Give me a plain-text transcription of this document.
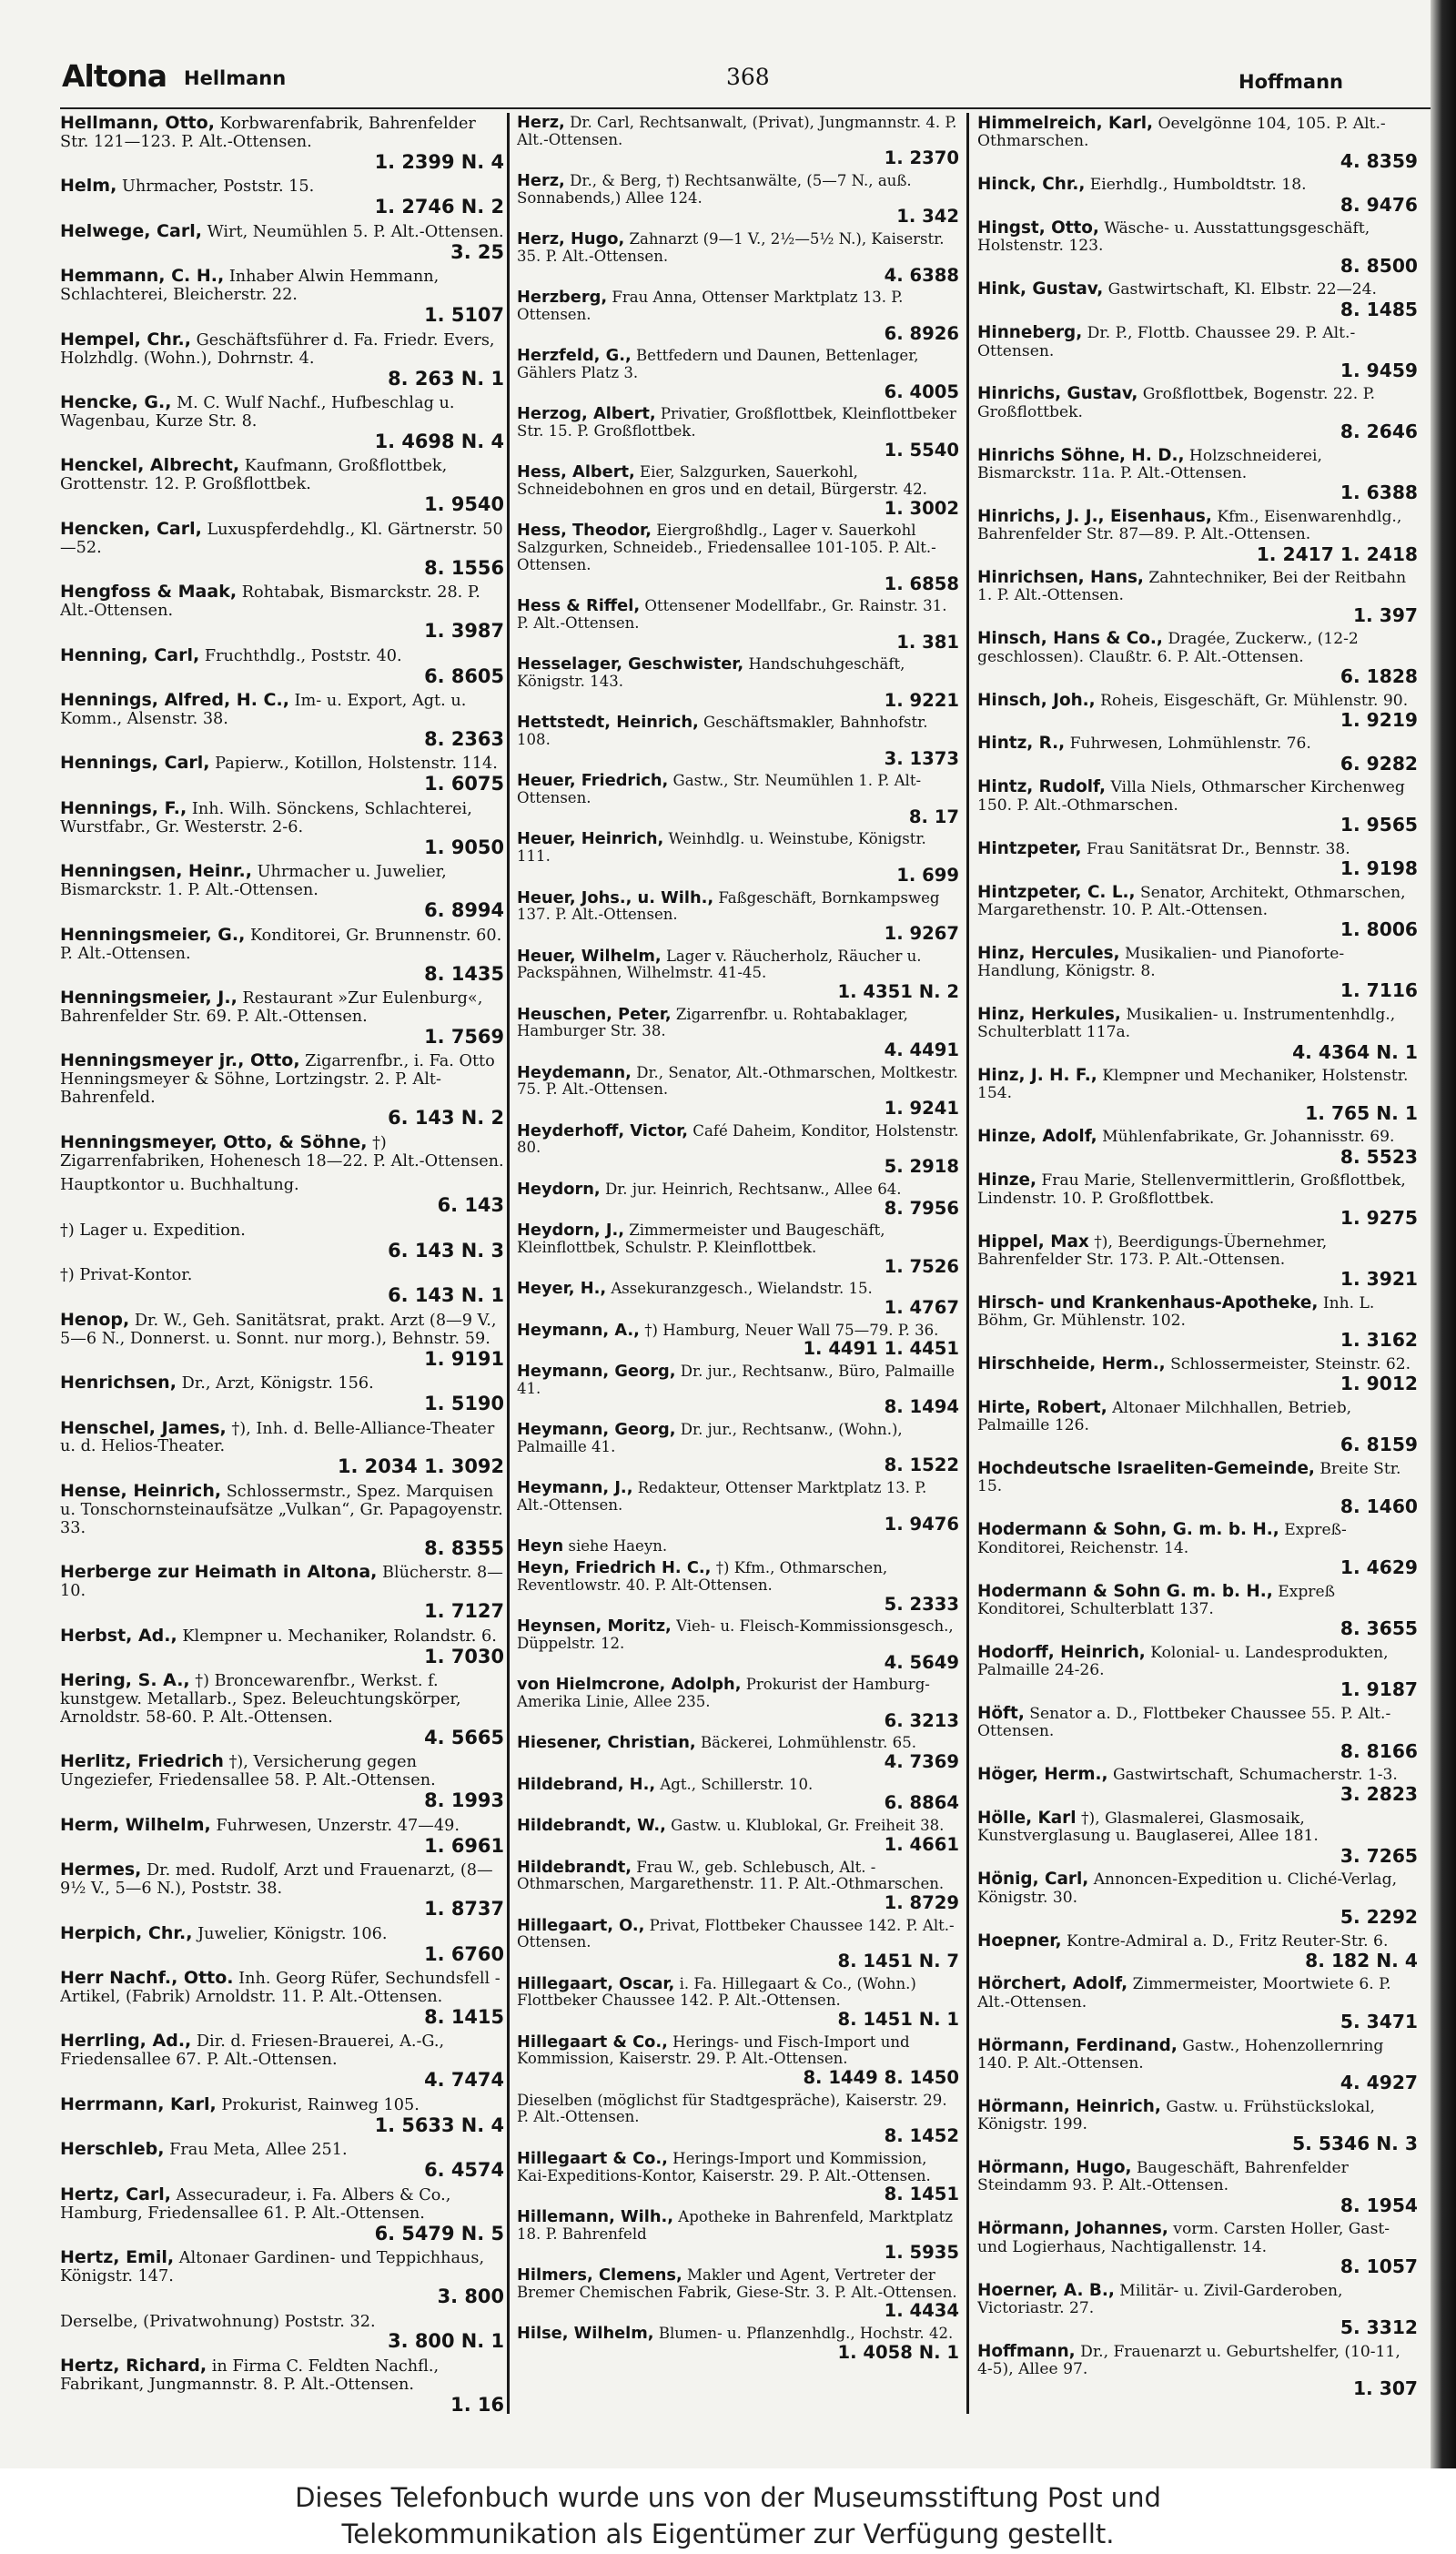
Altona Hellmann	368	Hoffmann
Hellmann, Otto, Korbwarenfabrik, Bahrenfelder Str. 121—123. P. Alt.-Ottensen.
1. 2399 N. 4
Helm, Uhrmacher, Poststr. 15.
1. 2746 N. 2
Helwege, Carl, Wirt, Neumühlen 5. P. Alt.-Ottensen.
3. 25
Hemmann, C. H., Inhaber Alwin Hemmann, Schlachterei, Bleicherstr. 22.
1. 5107
Hempel, Chr., Geschäftsführer d. Fa. Friedr. Evers, Holzhdlg. (Wohn.), Dohrnstr. 4.
8. 263 N. 1
Hencke, G., M. C. Wulf Nachf., Hufbeschlag u. Wagenbau, Kurze Str. 8.
1. 4698 N. 4
Henckel, Albrecht, Kaufmann, Großflottbek, Grottenstr. 12. P. Großflottbek.
1. 9540
Hencken, Carl, Luxuspferdehdlg., Kl. Gärtnerstr. 50—52.
8. 1556
Hengfoss & Maak, Rohtabak, Bismarckstr. 28. P. Alt.-Ottensen.
1. 3987
Henning, Carl, Fruchthdlg., Poststr. 40.
6. 8605
Hennings, Alfred, H. C., Im- u. Export, Agt. u. Komm., Alsenstr. 38.
8. 2363
Hennings, Carl, Papierw., Kotillon, Holstenstr. 114.
1. 6075
Hennings, F., Inh. Wilh. Sönckens, Schlachterei, Wurstfabr., Gr. Westerstr. 2-6.
1. 9050
Henningsen, Heinr., Uhrmacher u. Juwelier, Bismarckstr. 1. P. Alt.-Ottensen.
6. 8994
Henningsmeier, G., Konditorei, Gr. Brunnenstr. 60. P. Alt.-Ottensen.
8. 1435
Henningsmeier, J., Restaurant »Zur Eulenburg«, Bahrenfelder Str. 69. P. Alt.-Ottensen.
1. 7569
Henningsmeyer jr., Otto, Zigarrenfbr., i. Fa. Otto Henningsmeyer & Söhne, Lortzingstr. 2. P. Alt-Bahrenfeld.
6. 143 N. 2
Henningsmeyer, Otto, & Söhne, †) Zigarrenfabriken, Hohenesch 18—22. P. Alt.-Ottensen.
Hauptkontor u. Buchhaltung.
6. 143
†) Lager u. Expedition.
6. 143 N. 3
†) Privat-Kontor.
6. 143 N. 1
Henop, Dr. W., Geh. Sanitätsrat, prakt. Arzt (8—9 V., 5—6 N., Donnerst. u. Sonnt. nur morg.), Behnstr. 59.
1. 9191
Henrichsen, Dr., Arzt, Königstr. 156.
1. 5190
Henschel, James, †), Inh. d. Belle-Alliance-Theater u. d. Helios-Theater.
1. 2034 1. 3092
Hense, Heinrich, Schlossermstr., Spez. Marquisen u. Tonschornsteinaufsätze „Vulkan“, Gr. Papagoyenstr. 33.
8. 8355
Herberge zur Heimath in Altona, Blücherstr. 8—10.
1. 7127
Herbst, Ad., Klempner u. Mechaniker, Rolandstr. 6.
1. 7030
Hering, S. A., †) Broncewarenfbr., Werkst. f. kunstgew. Metallarb., Spez. Beleuchtungskörper, Arnoldstr. 58-60. P. Alt.-Ottensen.
4. 5665
Herlitz, Friedrich †), Versicherung gegen Ungeziefer, Friedensallee 58. P. Alt.-Ottensen.
8. 1993
Herm, Wilhelm, Fuhrwesen, Unzerstr. 47—49.
1. 6961
Hermes, Dr. med. Rudolf, Arzt und Frauenarzt, (8—9½ V., 5—6 N.), Poststr. 38.
1. 8737
Herpich, Chr., Juwelier, Königstr. 106.
1. 6760
Herr Nachf., Otto. Inh. Georg Rüfer, Sechundsfell - Artikel, (Fabrik) Arnoldstr. 11. P. Alt.-Ottensen.
8. 1415
Herrling, Ad., Dir. d. Friesen-Brauerei, A.-G., Friedensallee 67. P. Alt.-Ottensen.
4. 7474
Herrmann, Karl, Prokurist, Rainweg 105.
1. 5633 N. 4
Herschleb, Frau Meta, Allee 251.
6. 4574
Hertz, Carl, Assecuradeur, i. Fa. Albers & Co., Hamburg, Friedensallee 61. P. Alt.-Ottensen.
6. 5479 N. 5
Hertz, Emil, Altonaer Gardinen- und Teppichhaus, Königstr. 147.
3. 800
Derselbe, (Privatwohnung) Poststr. 32.
3. 800 N. 1
Hertz, Richard, in Firma C. Feldten Nachfl., Fabrikant, Jungmannstr. 8. P. Alt.-Ottensen.
1. 16
Herz, Dr. Carl, Rechtsanwalt, (Privat), Jungmannstr. 4. P. Alt.-Ottensen.
1. 2370
Herz, Dr., & Berg, †) Rechtsanwälte, (5—7 N., auß. Sonnabends,) Allee 124.
1. 342
Herz, Hugo, Zahnarzt (9—1 V., 2½—5½ N.), Kaiserstr. 35. P. Alt.-Ottensen.
4. 6388
Herzberg, Frau Anna, Ottenser Marktplatz 13. P. Ottensen.
6. 8926
Herzfeld, G., Bettfedern und Daunen, Bettenlager, Gählers Platz 3.
6. 4005
Herzog, Albert, Privatier, Großflottbek, Kleinflottbeker Str. 15. P. Großflottbek.
1. 5540
Hess, Albert, Eier, Salzgurken, Sauerkohl, Schneidebohnen en gros und en detail, Bürgerstr. 42.
1. 3002
Hess, Theodor, Eiergroßhdlg., Lager v. Sauerkohl Salzgurken, Schneideb., Friedensallee 101-105. P. Alt.-Ottensen.
1. 6858
Hess & Riffel, Ottensener Modellfabr., Gr. Rainstr. 31. P. Alt.-Ottensen.
1. 381
Hesselager, Geschwister, Handschuhgeschäft, Königstr. 143.
1. 9221
Hettstedt, Heinrich, Geschäftsmakler, Bahnhofstr. 108.
3. 1373
Heuer, Friedrich, Gastw., Str. Neumühlen 1. P. Alt-Ottensen.
8. 17
Heuer, Heinrich, Weinhdlg. u. Weinstube, Königstr. 111.
1. 699
Heuer, Johs., u. Wilh., Faßgeschäft, Bornkampsweg 137. P. Alt.-Ottensen.
1. 9267
Heuer, Wilhelm, Lager v. Räucherholz, Räucher u. Packspähnen, Wilhelmstr. 41-45.
1. 4351 N. 2
Heuschen, Peter, Zigarrenfbr. u. Rohtabaklager, Hamburger Str. 38.
4. 4491
Heydemann, Dr., Senator, Alt.-Othmarschen, Moltkestr. 75. P. Alt.-Ottensen.
1. 9241
Heyderhoff, Victor, Café Daheim, Konditor, Holstenstr. 80.
5. 2918
Heydorn, Dr. jur. Heinrich, Rechtsanw., Allee 64.
8. 7956
Heydorn, J., Zimmermeister und Baugeschäft, Kleinflottbek, Schulstr. P. Kleinflottbek.
1. 7526
Heyer, H., Assekuranzgesch., Wielandstr. 15.
1. 4767
Heymann, A., †) Hamburg, Neuer Wall 75—79. P. 36.
1. 4491 1. 4451
Heymann, Georg, Dr. jur., Rechtsanw., Büro, Palmaille 41.
8. 1494
Heymann, Georg, Dr. jur., Rechtsanw., (Wohn.), Palmaille 41.
8. 1522
Heymann, J., Redakteur, Ottenser Marktplatz 13. P. Alt.-Ottensen.
1. 9476
Heyn siehe Haeyn.
Heyn, Friedrich H. C., †) Kfm., Othmarschen, Reventlowstr. 40. P. Alt-Ottensen.
5. 2333
Heynsen, Moritz, Vieh- u. Fleisch-Kommissionsgesch., Düppelstr. 12.
4. 5649
von Hielmcrone, Adolph, Prokurist der Hamburg-Amerika Linie, Allee 235.
6. 3213
Hiesener, Christian, Bäckerei, Lohmühlenstr. 65.
4. 7369
Hildebrand, H., Agt., Schillerstr. 10.
6. 8864
Hildebrandt, W., Gastw. u. Klublokal, Gr. Freiheit 38.
1. 4661
Hildebrandt, Frau W., geb. Schlebusch, Alt. - Othmarschen, Margarethenstr. 11. P. Alt.-Othmarschen.
1. 8729
Hillegaart, O., Privat, Flottbeker Chaussee 142. P. Alt.-Ottensen.
8. 1451 N. 7
Hillegaart, Oscar, i. Fa. Hillegaart & Co., (Wohn.) Flottbeker Chaussee 142. P. Alt.-Ottensen.
8. 1451 N. 1
Hillegaart & Co., Herings- und Fisch-Import und Kommission, Kaiserstr. 29. P. Alt.-Ottensen.
8. 1449 8. 1450
Dieselben (möglichst für Stadtgespräche), Kaiserstr. 29. P. Alt.-Ottensen.
8. 1452
Hillegaart & Co., Herings-Import und Kommission, Kai-Expeditions-Kontor, Kaiserstr. 29. P. Alt.-Ottensen.
8. 1451
Hillemann, Wilh., Apotheke in Bahrenfeld, Marktplatz 18. P. Bahrenfeld
1. 5935
Hilmers, Clemens, Makler und Agent, Vertreter der Bremer Chemischen Fabrik, Giese-Str. 3. P. Alt.-Ottensen.
1. 4434
Hilse, Wilhelm, Blumen- u. Pflanzenhdlg., Hochstr. 42.
1. 4058 N. 1
Himmelreich, Karl, Oevelgönne 104, 105. P. Alt.-Othmarschen.
4. 8359
Hinck, Chr., Eierhdlg., Humboldtstr. 18.
8. 9476
Hingst, Otto, Wäsche- u. Ausstattungsgeschäft, Holstenstr. 123.
8. 8500
Hink, Gustav, Gastwirtschaft, Kl. Elbstr. 22—24.
8. 1485
Hinneberg, Dr. P., Flottb. Chaussee 29. P. Alt.-Ottensen.
1. 9459
Hinrichs, Gustav, Großflottbek, Bogenstr. 22. P. Großflottbek.
8. 2646
Hinrichs Söhne, H. D., Holzschneiderei, Bismarckstr. 11a. P. Alt.-Ottensen.
1. 6388
Hinrichs, J. J., Eisenhaus, Kfm., Eisenwarenhdlg., Bahrenfelder Str. 87—89. P. Alt.-Ottensen.
1. 2417 1. 2418
Hinrichsen, Hans, Zahntechniker, Bei der Reitbahn 1. P. Alt.-Ottensen.
1. 397
Hinsch, Hans & Co., Dragée, Zuckerw., (12-2 geschlossen). Claußtr. 6. P. Alt.-Ottensen.
6. 1828
Hinsch, Joh., Roheis, Eisgeschäft, Gr. Mühlenstr. 90.
1. 9219
Hintz, R., Fuhrwesen, Lohmühlenstr. 76.
6. 9282
Hintz, Rudolf, Villa Niels, Othmarscher Kirchenweg 150. P. Alt.-Othmarschen.
1. 9565
Hintzpeter, Frau Sanitätsrat Dr., Bennstr. 38.
1. 9198
Hintzpeter, C. L., Senator, Architekt, Othmarschen, Margarethenstr. 10. P. Alt.-Ottensen.
1. 8006
Hinz, Hercules, Musikalien- und Pianoforte-Handlung, Königstr. 8.
1. 7116
Hinz, Herkules, Musikalien- u. Instrumentenhdlg., Schulterblatt 117a.
4. 4364 N. 1
Hinz, J. H. F., Klempner und Mechaniker, Holstenstr. 154.
1. 765 N. 1
Hinze, Adolf, Mühlenfabrikate, Gr. Johannisstr. 69.
8. 5523
Hinze, Frau Marie, Stellenvermittlerin, Großflottbek, Lindenstr. 10. P. Großflottbek.
1. 9275
Hippel, Max †), Beerdigungs-Übernehmer, Bahrenfelder Str. 173. P. Alt.-Ottensen.
1. 3921
Hirsch- und Krankenhaus-Apotheke, Inh. L. Böhm, Gr. Mühlenstr. 102.
1. 3162
Hirschheide, Herm., Schlossermeister, Steinstr. 62.
1. 9012
Hirte, Robert, Altonaer Milchhallen, Betrieb, Palmaille 126.
6. 8159
Hochdeutsche Israeliten-Gemeinde, Breite Str. 15.
8. 1460
Hodermann & Sohn, G. m. b. H., Expreß-Konditorei, Reichenstr. 14.
1. 4629
Hodermann & Sohn G. m. b. H., Expreß Konditorei, Schulterblatt 137.
8. 3655
Hodorff, Heinrich, Kolonial- u. Landesprodukten, Palmaille 24-26.
1. 9187
Höft, Senator a. D., Flottbeker Chaussee 55. P. Alt.-Ottensen.
8. 8166
Höger, Herm., Gastwirtschaft, Schumacherstr. 1-3.
3. 2823
Hölle, Karl †), Glasmalerei, Glasmosaik, Kunstverglasung u. Bauglaserei, Allee 181.
3. 7265
Hönig, Carl, Annoncen-Expedition u. Cliché-Verlag, Königstr. 30.
5. 2292
Hoepner, Kontre-Admiral a. D., Fritz Reuter-Str. 6.
8. 182 N. 4
Hörchert, Adolf, Zimmermeister, Moortwiete 6. P. Alt.-Ottensen.
5. 3471
Hörmann, Ferdinand, Gastw., Hohenzollernring 140. P. Alt.-Ottensen.
4. 4927
Hörmann, Heinrich, Gastw. u. Frühstückslokal, Königstr. 199.
5. 5346 N. 3
Hörmann, Hugo, Baugeschäft, Bahrenfelder Steindamm 93. P. Alt.-Ottensen.
8. 1954
Hörmann, Johannes, vorm. Carsten Holler, Gast- und Logierhaus, Nachtigallenstr. 14.
8. 1057
Hoerner, A. B., Militär- u. Zivil-Garderoben, Victoriastr. 27.
5. 3312
Hoffmann, Dr., Frauenarzt u. Geburtshelfer, (10-11, 4-5), Allee 97.
1. 307
Dieses Telefonbuch wurde uns von der Museumsstiftung Post und
Telekommunikation als Eigentümer zur Verfügung gestellt.
